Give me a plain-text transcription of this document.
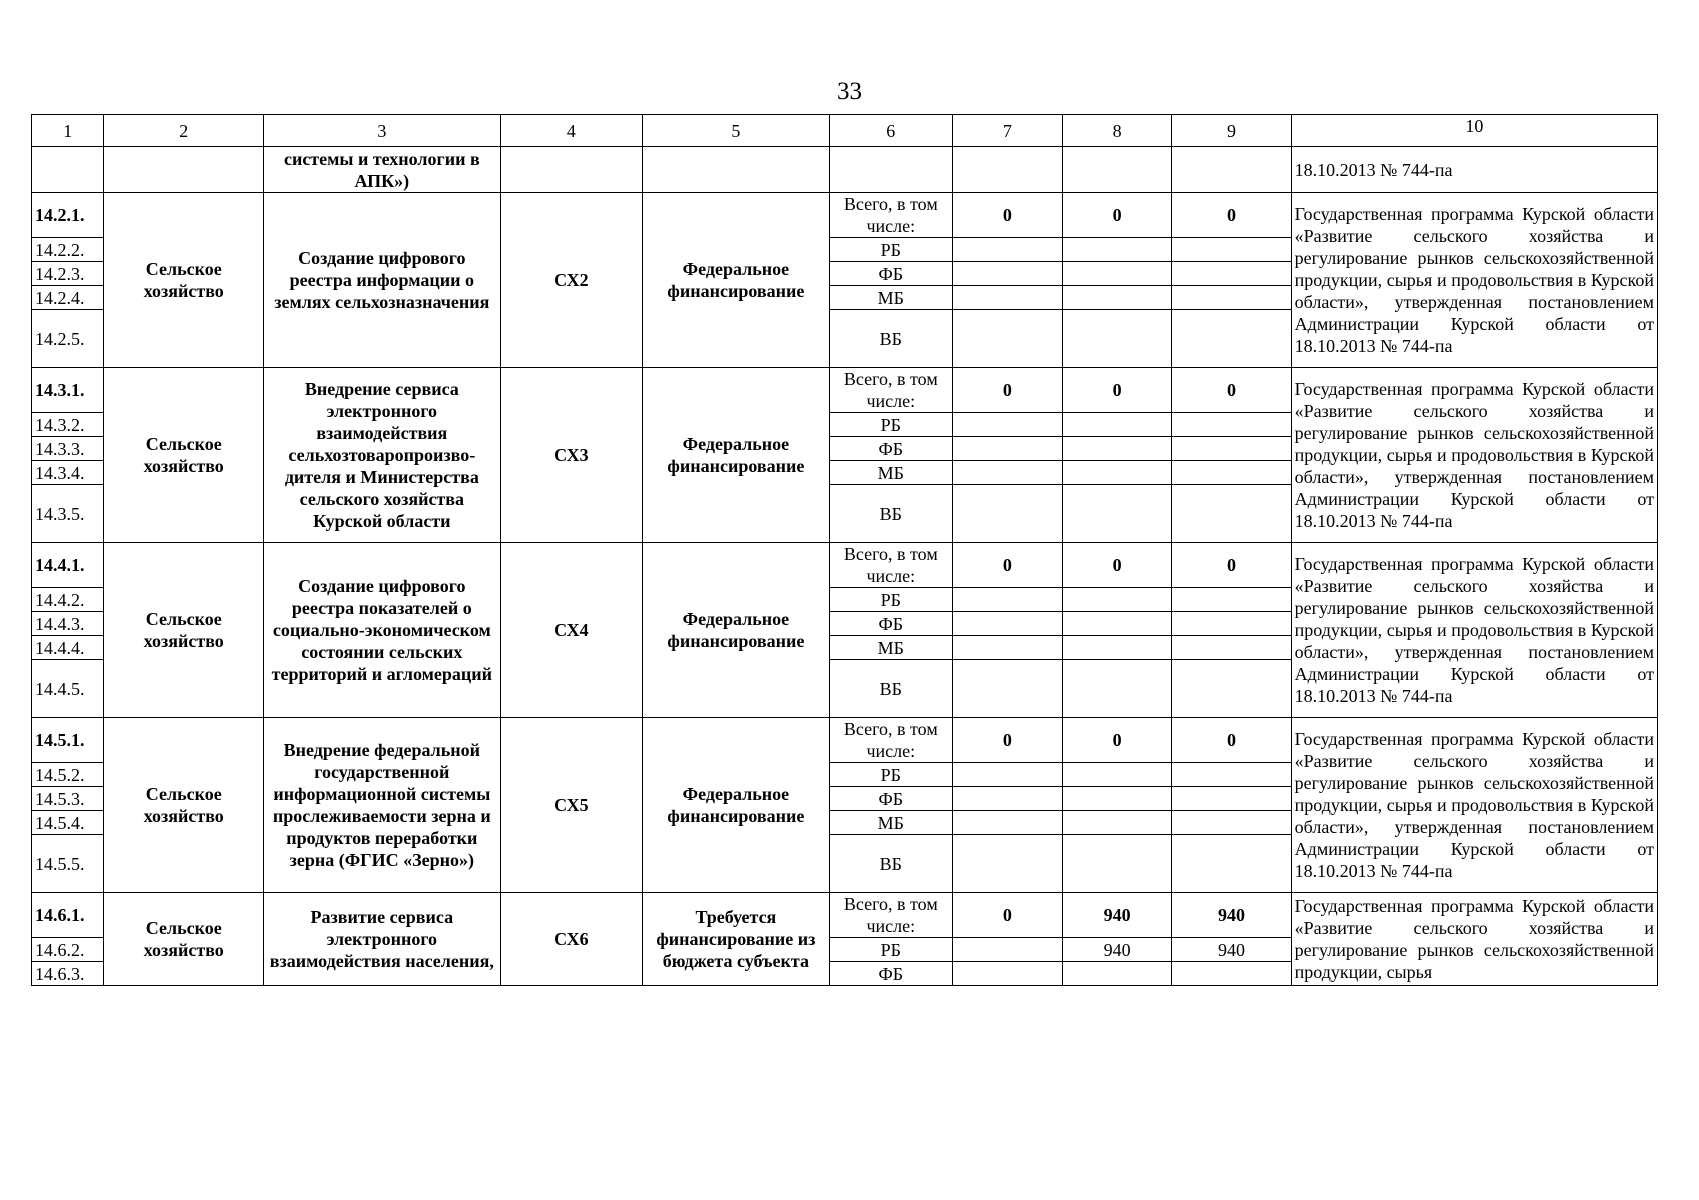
33
1	2	3	4	5	6	7	8	9	10
		системы и технологии в АПК»)							18.10.2013 № 744-па
14.2.1.	Сельское хозяйство	Создание цифрового реестра информации о землях сельхозназначения	СХ2	Федеральное финансирование	Всего, в том числе:	0	0	0	Государственная программа Курской области «Развитие сельского хозяйства и регулирование рынков сельскохозяйственной продукции, сырья и продовольствия в Курской области», утвержденная постановлением Администрации Курской области от 18.10.2013 № 744-па
14.2.2.					РБ				
14.2.3.					ФБ				
14.2.4.					МБ				
14.2.5.					ВБ				
14.3.1.	Сельское хозяйство	Внедрение сервиса электронного взаимодействия сельхозтоваропроизво-дителя и Министерства сельского хозяйства Курской области	СХ3	Федеральное финансирование	Всего, в том числе:	0	0	0	Государственная программа Курской области «Развитие сельского хозяйства и регулирование рынков сельскохозяйственной продукции, сырья и продовольствия в Курской области», утвержденная постановлением Администрации Курской области от 18.10.2013 № 744-па
14.3.2.					РБ				
14.3.3.					ФБ				
14.3.4.					МБ				
14.3.5.					ВБ				
14.4.1.	Сельское хозяйство	Создание цифрового реестра показателей о социально-экономическом состоянии сельских территорий и агломераций	СХ4	Федеральное финансирование	Всего, в том числе:	0	0	0	Государственная программа Курской области «Развитие сельского хозяйства и регулирование рынков сельскохозяйственной продукции, сырья и продовольствия в Курской области», утвержденная постановлением Администрации Курской области от 18.10.2013 № 744-па
14.4.2.					РБ				
14.4.3.					ФБ				
14.4.4.					МБ				
14.4.5.					ВБ				
14.5.1.	Сельское хозяйство	Внедрение федеральной государственной информационной системы прослеживаемости зерна и продуктов переработки зерна (ФГИС «Зерно»)	СХ5	Федеральное финансирование	Всего, в том числе:	0	0	0	Государственная программа Курской области «Развитие сельского хозяйства и регулирование рынков сельскохозяйственной продукции, сырья и продовольствия в Курской области», утвержденная постановлением Администрации Курской области от 18.10.2013 № 744-па
14.5.2.					РБ				
14.5.3.					ФБ				
14.5.4.					МБ				
14.5.5.					ВБ				
14.6.1.	Сельское хозяйство	Развитие сервиса электронного взаимодействия населения,	СХ6	Требуется финансирование из бюджета субъекта	Всего, в том числе:	0	940	940	Государственная программа Курской области «Развитие сельского хозяйства и регулирование рынков сельскохозяйственной продукции, сырья
14.6.2.					РБ		940	940	
14.6.3.					ФБ				
